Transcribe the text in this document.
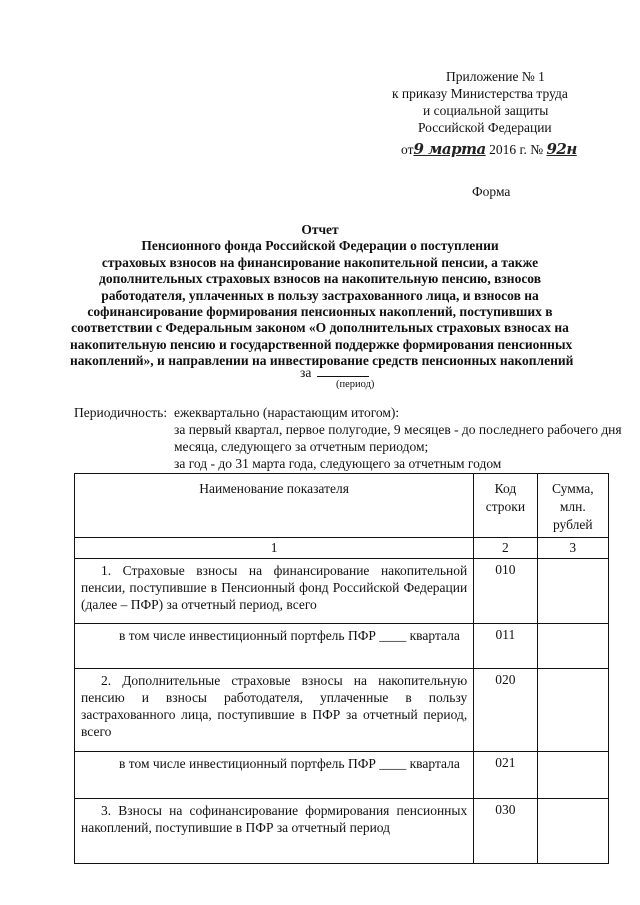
Приложение № 1
к приказу Министерства труда
и социальной защиты
Российской Федерации
от9 марта 2016 г. № 92н
Форма
Отчет
Пенсионного фонда Российской Федерации о поступлении
страховых взносов на финансирование накопительной пенсии, а также
дополнительных страховых взносов на накопительную пенсию, взносов
работодателя, уплаченных в пользу застрахованного лица, и взносов на
софинансирование формирования пенсионных накоплений, поступивших в
соответствии с Федеральным законом «О дополнительных страховых взносах на
накопительную пенсию и государственной поддержке формирования пенсионных
накоплений», и направлении на инвестирование средств пенсионных накоплений
за
(период)
Периодичность: ежеквартально (нарастающим итогом):
за первый квартал, первое полугодие, 9 месяцев - до последнего рабочего дня
месяца, следующего за отчетным периодом;
за год - до 31 марта года, следующего за отчетным годом
Наименование показателя	Код строки	Сумма, млн. рублей
1	2	3
1. Страховые взносы на финансирование накопительной пенсии, поступившие в Пенсионный фонд Российской Федерации (далее – ПФР) за отчетный период, всего	010	
в том числе инвестиционный портфель ПФР ____ квартала	011	
2. Дополнительные страховые взносы на накопительную пенсию и взносы работодателя, уплаченные в пользу застрахованного лица, поступившие в ПФР за отчетный период, всего	020	
в том числе инвестиционный портфель ПФР ____ квартала	021	
3. Взносы на софинансирование формирования пенсионных накоплений, поступившие в ПФР за отчетный период	030	
